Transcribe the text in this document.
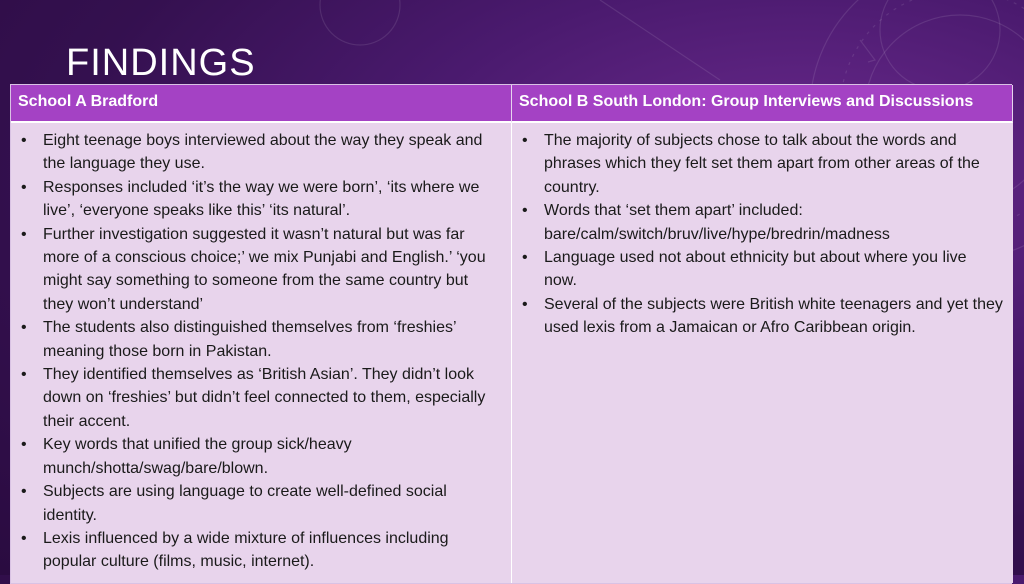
FINDINGS
School A Bradford	School B South London: Group Interviews and Discussions
• Eight teenage boys interviewed about the way they speak and the language they use.
• Responses included ‘it’s the way we were born’, ‘its where we live’, ‘everyone speaks like this’ ‘its natural’.
• Further investigation suggested it wasn’t natural but was far more of a conscious choice;’ we mix Punjabi and English.’ ‘you might say something to someone from the same country but they won’t understand’
• The students also distinguished themselves from ‘freshies’ meaning those born in Pakistan.
• They identified themselves as ‘British Asian’. They didn’t look down on ‘freshies’ but didn’t feel connected to them, especially their accent.
• Key words that unified the group sick/heavy munch/shotta/swag/bare/blown.
• Subjects are using language to create well-defined social identity.
• Lexis influenced by a wide mixture of influences including popular culture (films, music, internet).
• The majority of subjects chose to talk about the words and phrases which they felt set them apart from other areas of the country.
• Words that ‘set them apart’ included: bare/calm/switch/bruv/live/hype/bredrin/madness
• Language used not about ethnicity but about where you live now.
• Several of the subjects were British white teenagers and yet they used lexis from a Jamaican or Afro Caribbean origin.
